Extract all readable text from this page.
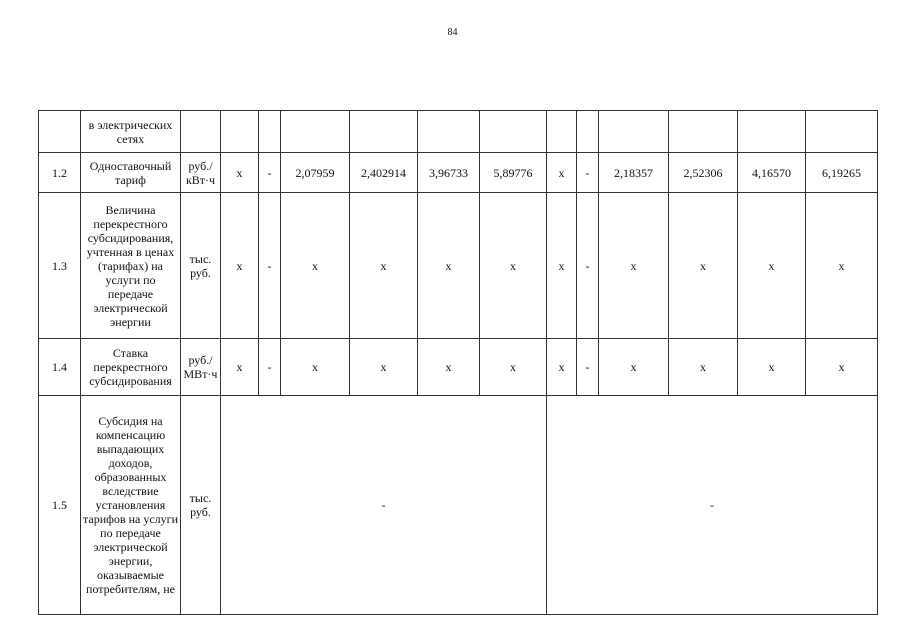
84
	в электрических сетях													
1.2	Одноставочный тариф	руб./ кВт·ч	х	-	2,07959	2,402914	3,96733	5,89776	х	-	2,18357	2,52306	4,16570	6,19265
1.3	Величина перекрестного субсидирования, учтенная в ценах (тарифах) на услуги по передаче электрической энергии	тыс. руб.	х	-	х	х	х	х	х	-	х	х	х	х
1.4	Ставка перекрестного субсидирования	руб./ МВт·ч	х	-	х	х	х	х	х	-	х	х	х	х
1.5	Субсидия на компенсацию выпадающих доходов, образованных вследствие установления тарифов на услуги по передаче электрической энергии, оказываемые потребителям, не	тыс. руб.	-						-					
